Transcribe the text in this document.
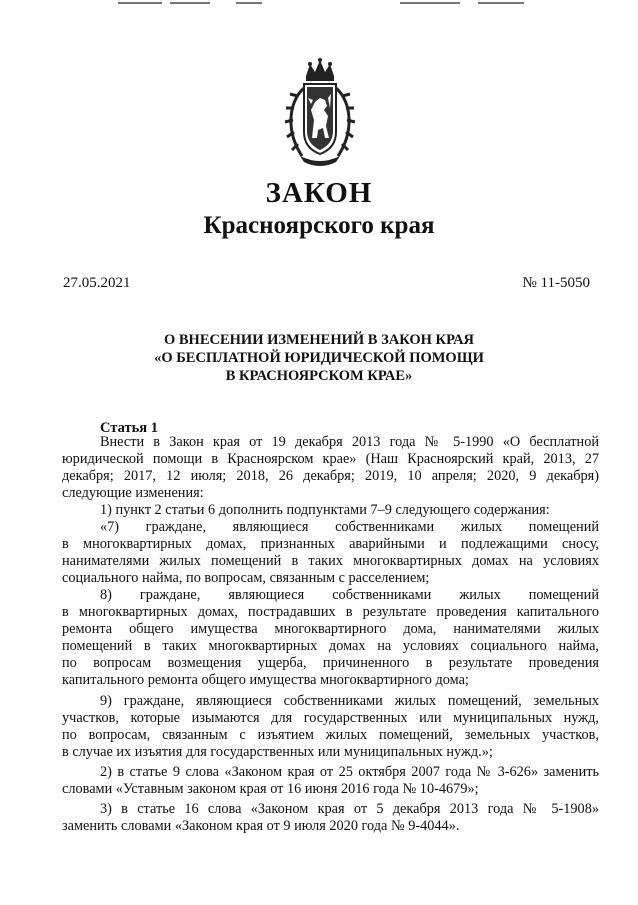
ЗАКОН
Красноярского края
27.05.2021	№ 11-5050
О ВНЕСЕНИИ ИЗМЕНЕНИЙ В ЗАКОН КРАЯ
«О БЕСПЛАТНОЙ ЮРИДИЧЕСКОЙ ПОМОЩИ
В КРАСНОЯРСКОМ КРАЕ»
Статья 1
Внести в Закон края от 19 декабря 2013 года № 5-1990 «О бесплатной
юридической помощи в Красноярском крае» (Наш Красноярский край, 2013, 27
декабря; 2017, 12 июля; 2018, 26 декабря; 2019, 10 апреля; 2020, 9 декабря)
следующие изменения:
1) пункт 2 статьи 6 дополнить подпунктами 7–9 следующего содержания:
«7) граждане, являющиеся собственниками жилых помещений
в многоквартирных домах, признанных аварийными и подлежащими сносу,
нанимателями жилых помещений в таких многоквартирных домах на условиях
социального найма, по вопросам, связанным с расселением;
8) граждане, являющиеся собственниками жилых помещений
в многоквартирных домах, пострадавших в результате проведения капитального
ремонта общего имущества многоквартирного дома, нанимателями жилых
помещений в таких многоквартирных домах на условиях социального найма,
по вопросам возмещения ущерба, причиненного в результате проведения
капитального ремонта общего имущества многоквартирного дома;
9) граждане, являющиеся собственниками жилых помещений, земельных
участков, которые изымаются для государственных или муниципальных нужд,
по вопросам, связанным с изъятием жилых помещений, земельных участков,
в случае их изъятия для государственных или муниципальных нужд.»;
2) в статье 9 слова «Законом края от 25 октября 2007 года № 3-626» заменить
словами «Уставным законом края от 16 июня 2016 года № 10-4679»;
3) в статье 16 слова «Законом края от 5 декабря 2013 года № 5-1908»
заменить словами «Законом края от 9 июля 2020 года № 9-4044».
